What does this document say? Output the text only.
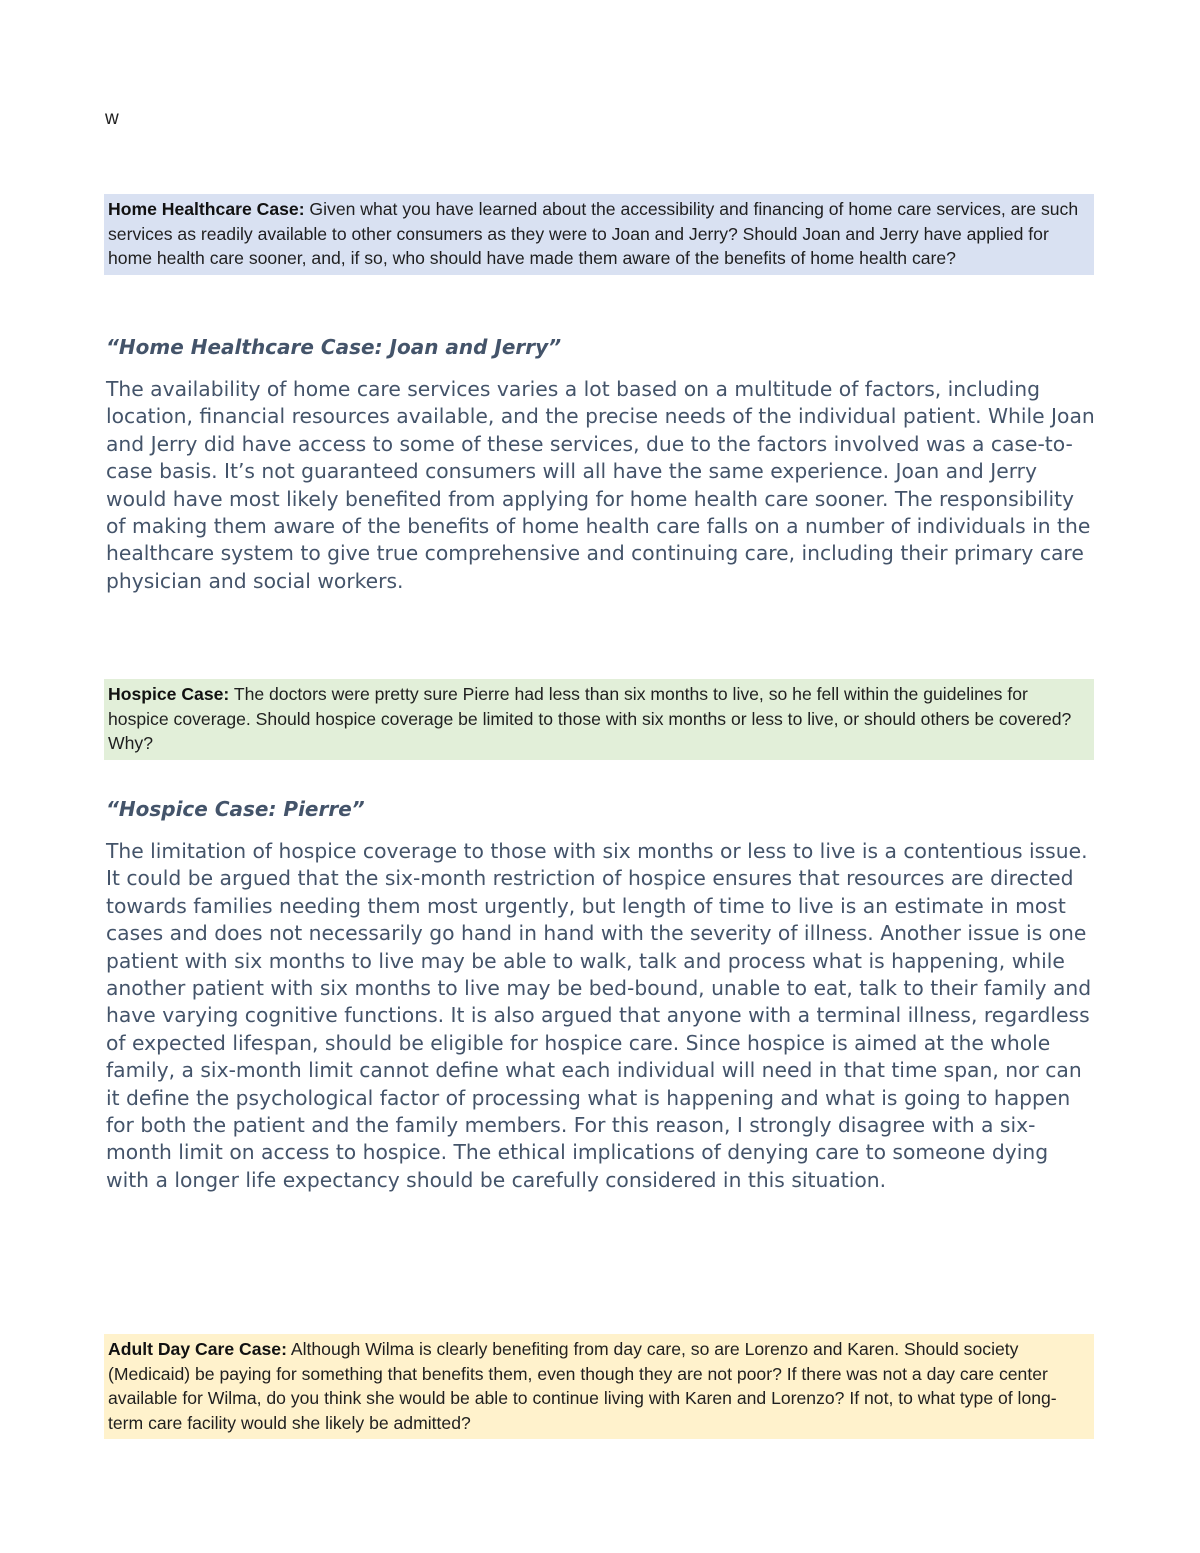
w
Home Healthcare Case: Given what you have learned about the accessibility and financing of home care services, are such services as readily available to other consumers as they were to Joan and Jerry? Should Joan and Jerry have applied for home health care sooner, and, if so, who should have made them aware of the benefits of home health care?
“Home Healthcare Case: Joan and Jerry”

The availability of home care services varies a lot based on a multitude of factors, including location, financial resources available, and the precise needs of the individual patient. While Joan and Jerry did have access to some of these services, due to the factors involved was a case-to-case basis. It’s not guaranteed consumers will all have the same experience. Joan and Jerry would have most likely benefited from applying for home health care sooner. The responsibility of making them aware of the benefits of home health care falls on a number of individuals in the healthcare system to give true comprehensive and continuing care, including their primary care physician and social workers.

Hospice Case: The doctors were pretty sure Pierre had less than six months to live, so he fell within the guidelines for hospice coverage. Should hospice coverage be limited to those with six months or less to live, or should others be covered? Why?
“Hospice Case: Pierre”

The limitation of hospice coverage to those with six months or less to live is a contentious issue. It could be argued that the six-month restriction of hospice ensures that resources are directed towards families needing them most urgently, but length of time to live is an estimate in most cases and does not necessarily go hand in hand with the severity of illness. Another issue is one patient with six months to live may be able to walk, talk and process what is happening, while another patient with six months to live may be bed-bound, unable to eat, talk to their family and have varying cognitive functions. It is also argued that anyone with a terminal illness, regardless of expected lifespan, should be eligible for hospice care. Since hospice is aimed at the whole family, a six-month limit cannot define what each individual will need in that time span, nor can it define the psychological factor of processing what is happening and what is going to happen for both the patient and the family members. For this reason, I strongly disagree with a six-month limit on access to hospice. The ethical implications of denying care to someone dying with a longer life expectancy should be carefully considered in this situation.

Adult Day Care Case: Although Wilma is clearly benefiting from day care, so are Lorenzo and Karen. Should society (Medicaid) be paying for something that benefits them, even though they are not poor? If there was not a day care center available for Wilma, do you think she would be able to continue living with Karen and Lorenzo? If not, to what type of long-term care facility would she likely be admitted?
